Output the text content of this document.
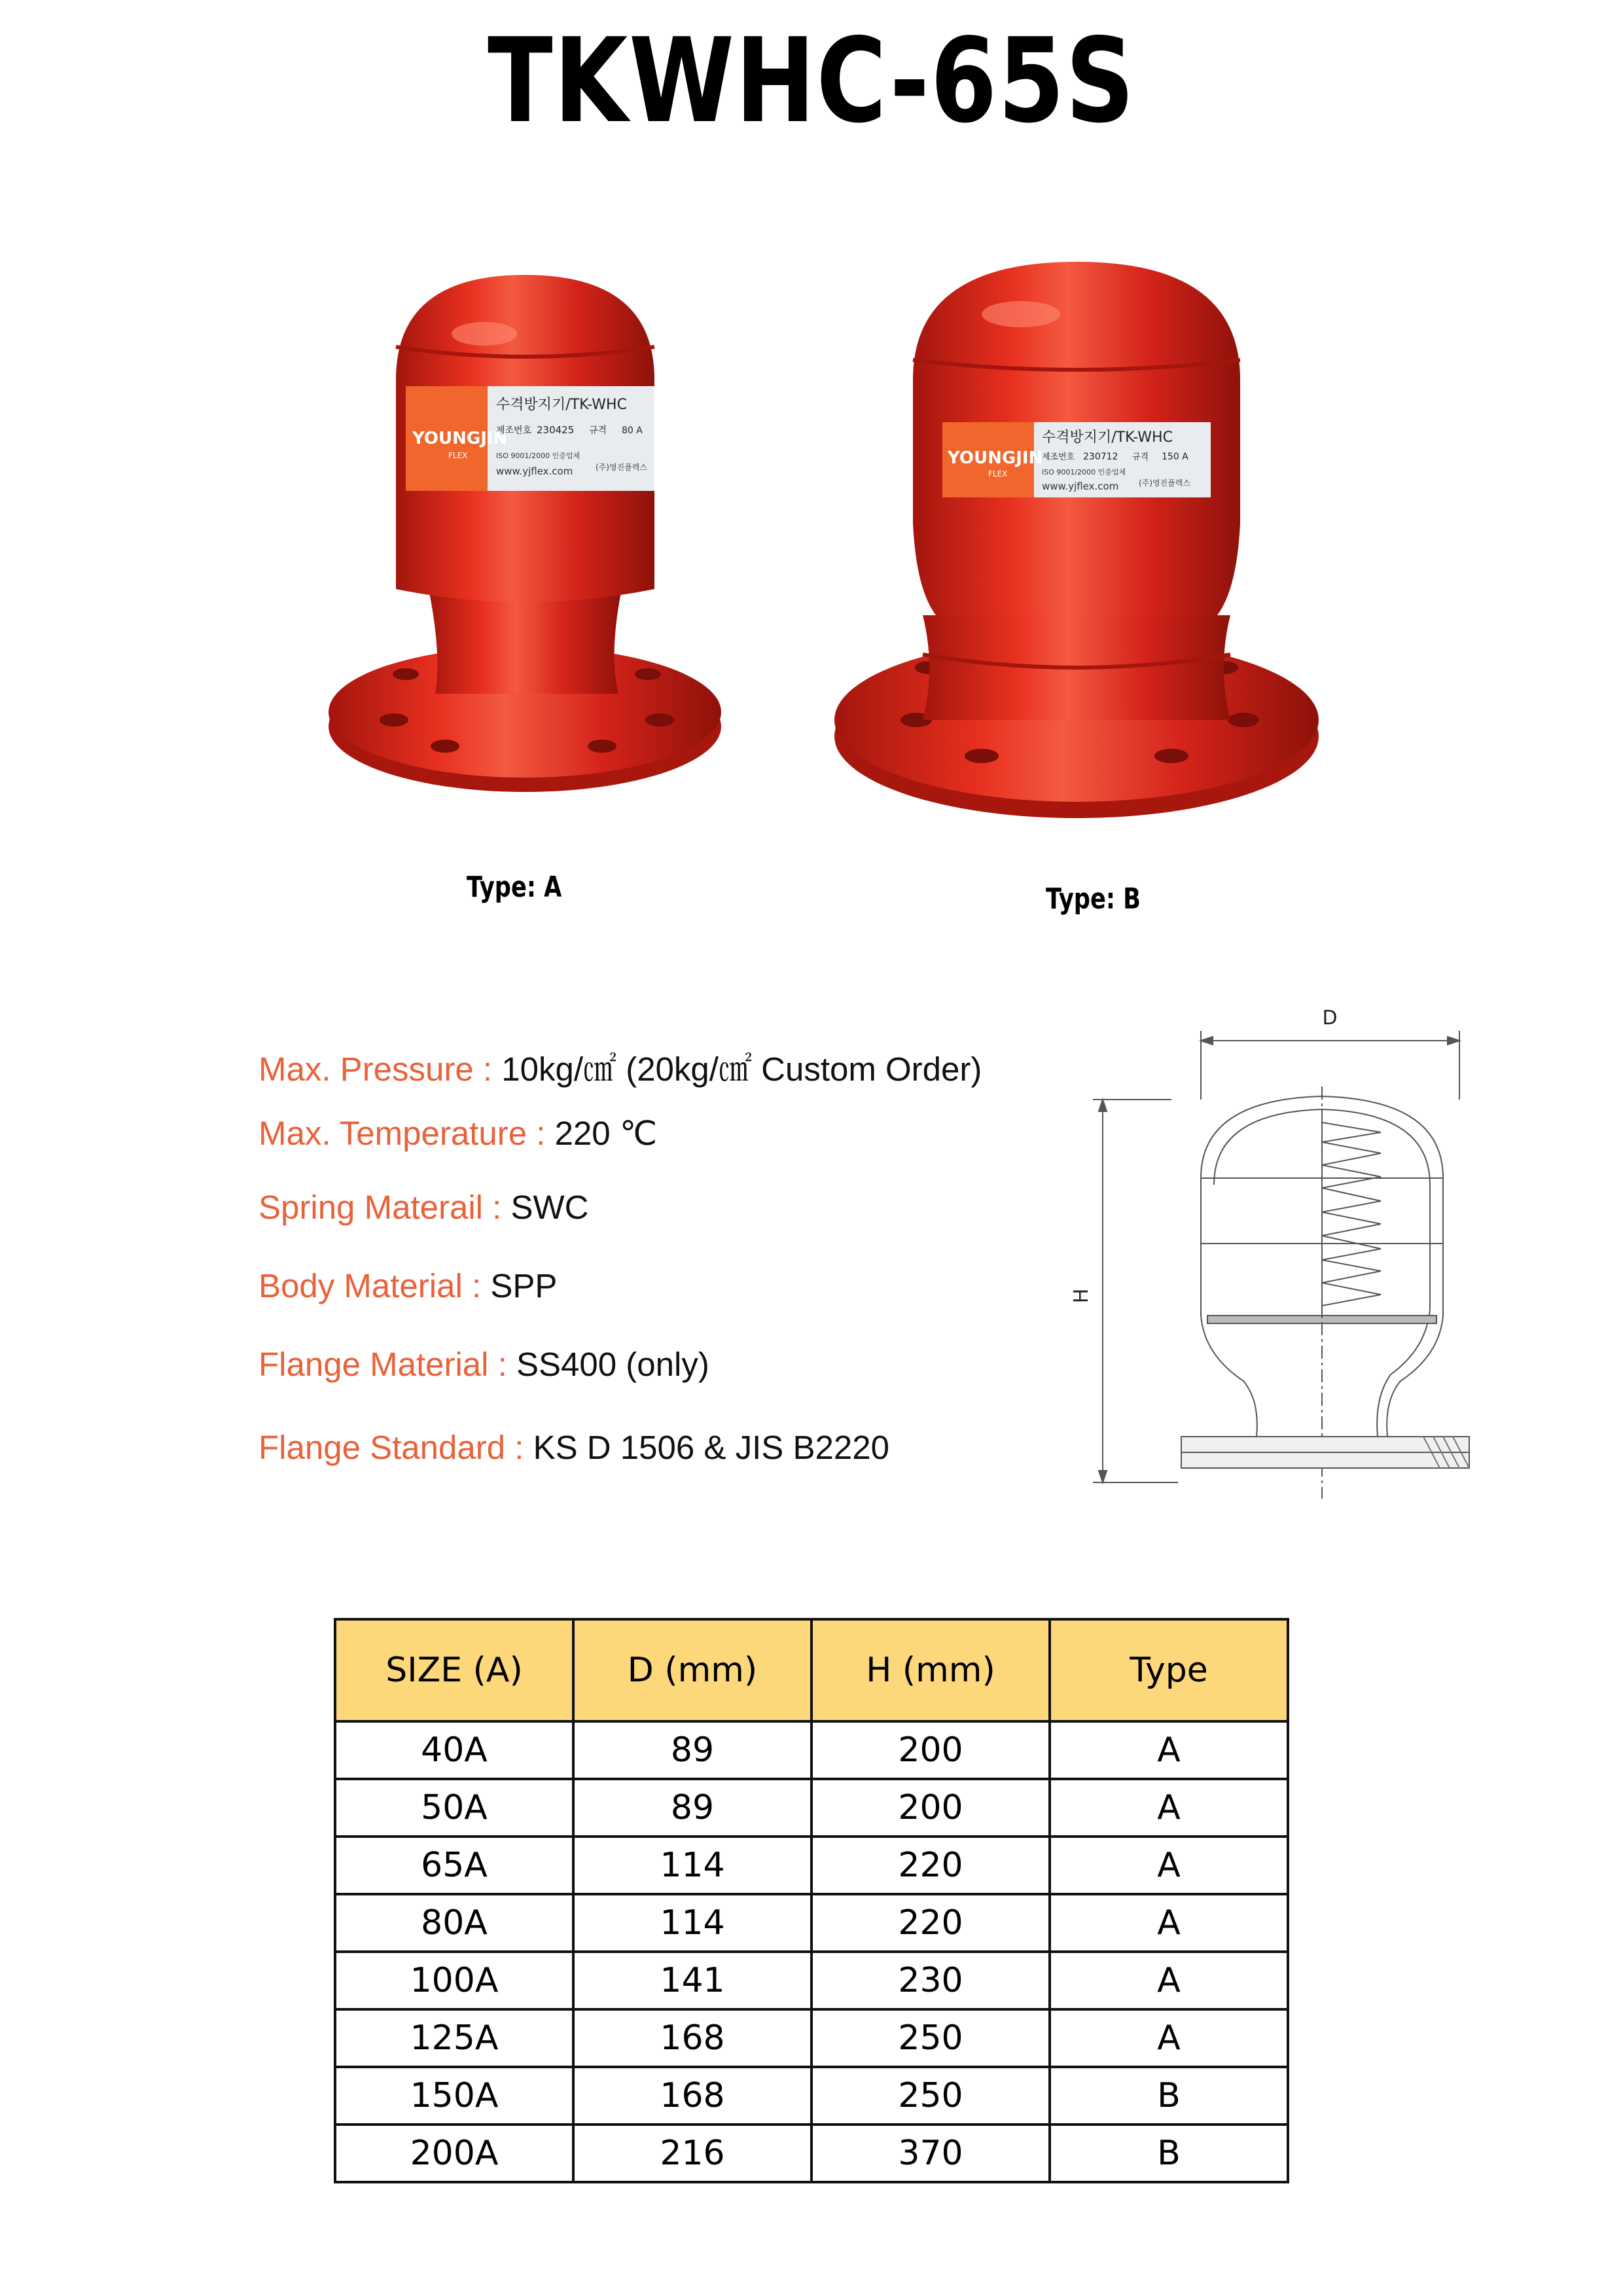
TKWHC-65S
YOUNGJIN
FLEX
수격방지기/TK-WHC
제조번호 230425 규격 80 A
ISO 9001/2000 인증업체
www.yjflex.com	(주)영진플렉스	YOUNGJIN
FLEX
수격방지기/TK-WHC
제조번호 230712 규격 150 A
ISO 9001/2000 인증업체
www.yjflex.com	(주)영진플렉스
Type: A	Type: B
Max. Pressure : 10kg/㎠ (20kg/㎠ Custom Order)
Max. Temperature : 220 ℃
Spring Materail : SWC
Body Material : SPP
Flange Material : SS400 (only)
Flange Standard : KS D 1506 & JIS B2220
D
H
SIZE (A)	D (mm)	H (mm)	Type
40A	89	200	A
50A	89	200	A
65A	114	220	A
80A	114	220	A
100A	141	230	A
125A	168	250	A
150A	168	250	B
200A	216	370	B
